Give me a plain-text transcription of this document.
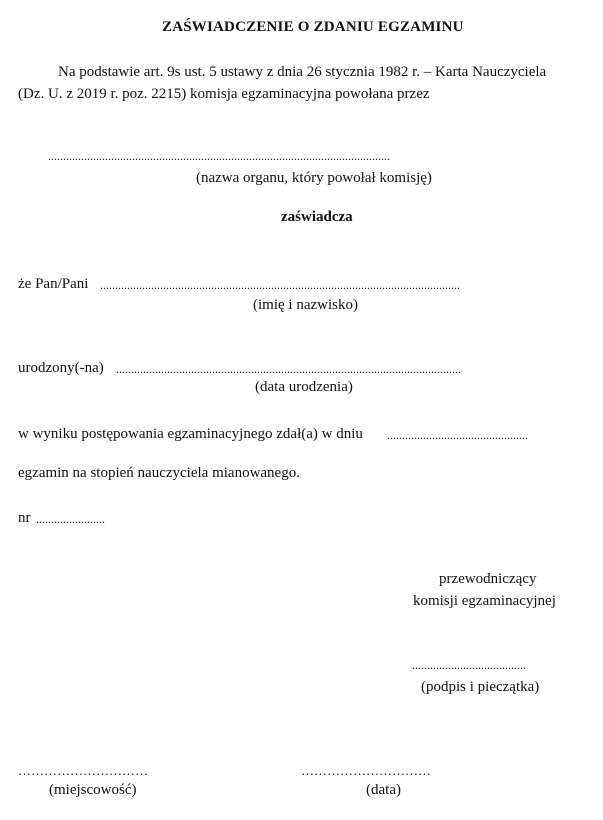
ZAŚWIADCZENIE O ZDANIU EGZAMINU
Na podstawie art. 9s ust. 5 ustawy z dnia 26 stycznia 1982 r. – Karta Nauczyciela
(Dz. U. z 2019 r. poz. 2215) komisja egzaminacyjna powołana przez
..................................................................................................................
(nazwa organu, który powołał komisję)
zaświadcza
że Pan/Pani ........................................................................................................................
(imię i nazwisko)
urodzony(-na) ...................................................................................................................
(data urodzenia)
w wyniku postępowania egzaminacyjnego zdał(a) w dniu ...............................................
egzamin na stopień nauczyciela mianowanego.
nr .......................
przewodniczący
komisji egzaminacyjnej
......................................
(podpis i pieczątka)
…………………………
(miejscowość)
…………………………
(data)
